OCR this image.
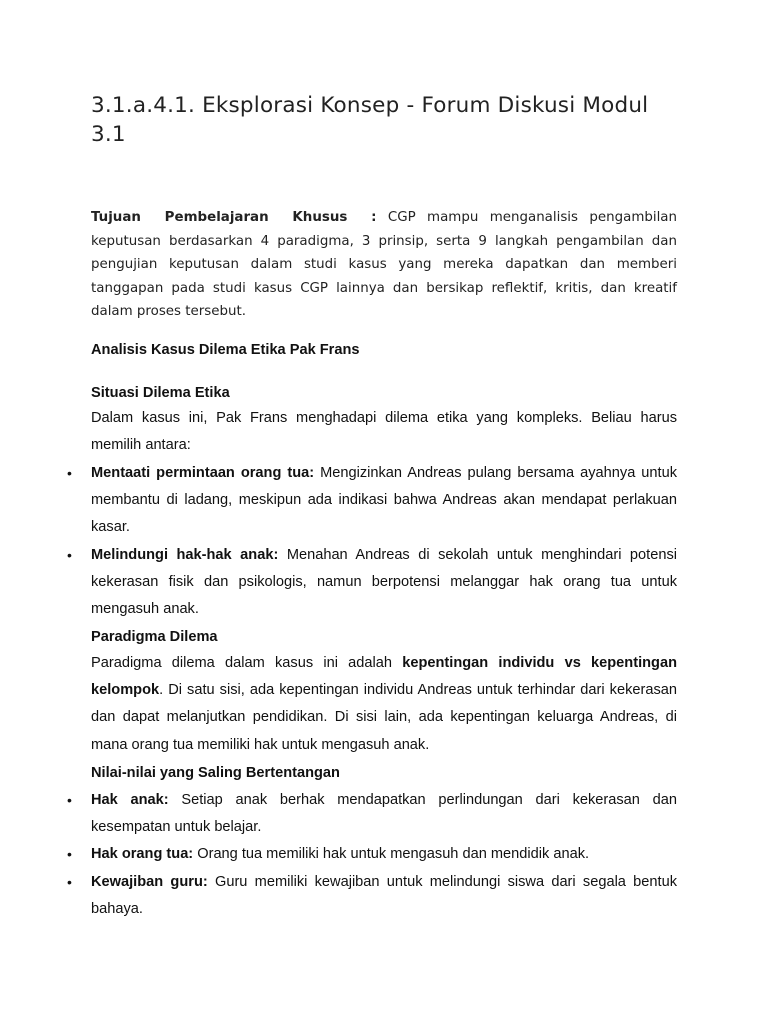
3.1.a.4.1. Eksplorasi Konsep - Forum Diskusi Modul 3.1

Tujuan Pembelajaran Khusus : CGP mampu menganalisis pengambilan keputusan berdasarkan 4 paradigma, 3 prinsip, serta 9 langkah pengambilan dan pengujian keputusan dalam studi kasus yang mereka dapatkan dan memberi tanggapan pada studi kasus CGP lainnya dan bersikap reflektif, kritis, dan kreatif dalam proses tersebut.

Analisis Kasus Dilema Etika Pak Frans
Situasi Dilema Etika

Dalam kasus ini, Pak Frans menghadapi dilema etika yang kompleks. Beliau harus memilih antara:

• Mentaati permintaan orang tua: Mengizinkan Andreas pulang bersama ayahnya untuk membantu di ladang, meskipun ada indikasi bahwa Andreas akan mendapat perlakuan kasar.
• Melindungi hak-hak anak: Menahan Andreas di sekolah untuk menghindari potensi kekerasan fisik dan psikologis, namun berpotensi melanggar hak orang tua untuk mengasuh anak.
Paradigma Dilema

Paradigma dilema dalam kasus ini adalah kepentingan individu vs kepentingan kelompok. Di satu sisi, ada kepentingan individu Andreas untuk terhindar dari kekerasan dan dapat melanjutkan pendidikan. Di sisi lain, ada kepentingan keluarga Andreas, di mana orang tua memiliki hak untuk mengasuh anak.

Nilai-nilai yang Saling Bertentangan
• Hak anak: Setiap anak berhak mendapatkan perlindungan dari kekerasan dan kesempatan untuk belajar.
• Hak orang tua: Orang tua memiliki hak untuk mengasuh dan mendidik anak.
• Kewajiban guru: Guru memiliki kewajiban untuk melindungi siswa dari segala bentuk bahaya.
